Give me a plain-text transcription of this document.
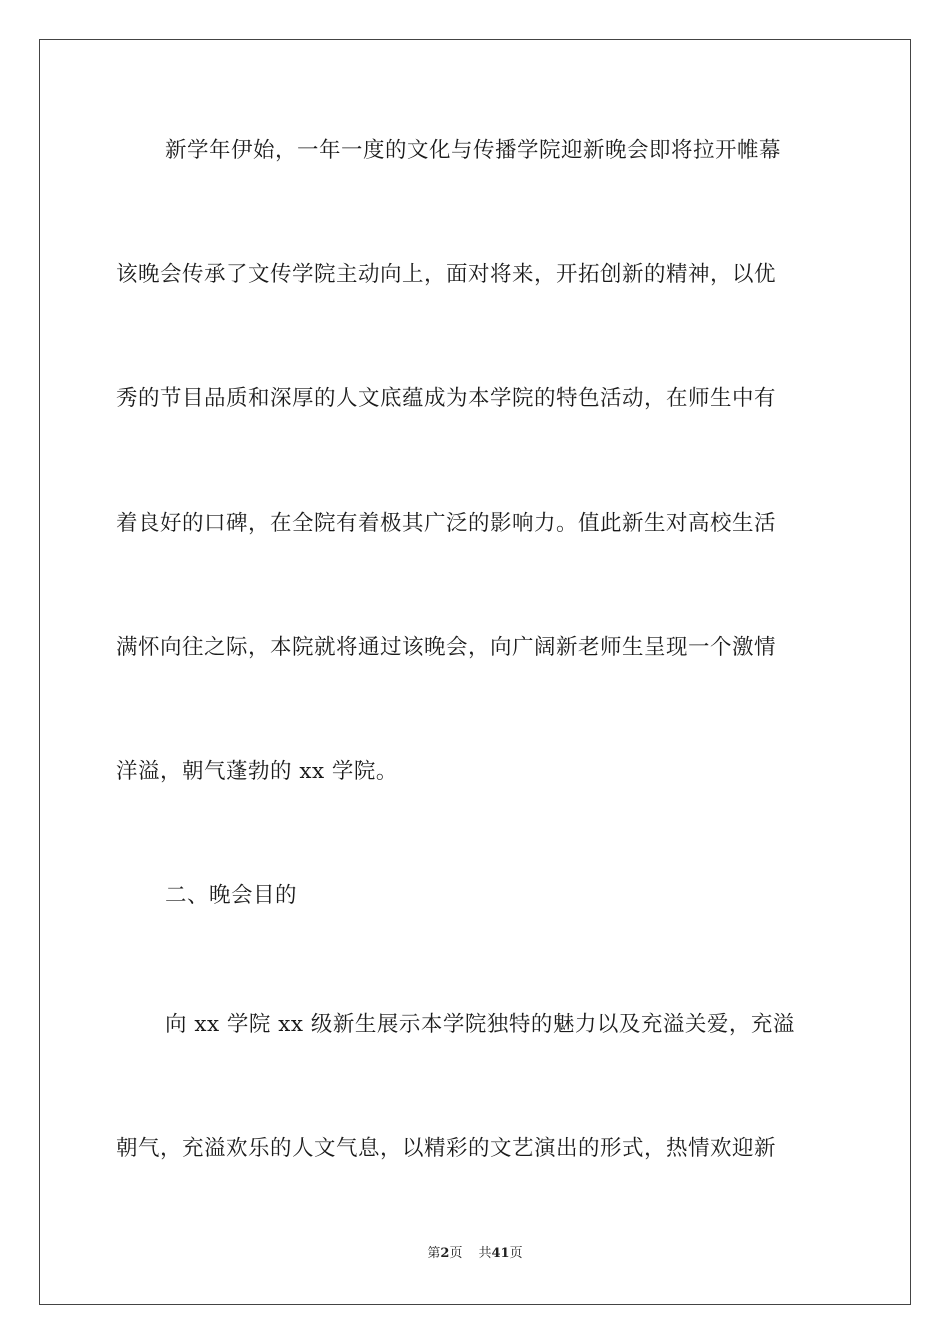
新学年伊始，一年一度的文化与传播学院迎新晚会即将拉开帷幕
该晚会传承了文传学院主动向上，面对将来，开拓创新的精神，以优
秀的节目品质和深厚的人文底蕴成为本学院的特色活动，在师生中有
着良好的口碑，在全院有着极其广泛的影响力。值此新生对高校生活
满怀向往之际，本院就将通过该晚会，向广阔新老师生呈现一个激情
洋溢，朝气蓬勃的 xx 学院。
二、晚会目的
向 xx 学院 xx 级新生展示本学院独特的魅力以及充溢关爱，充溢
朝气，充溢欢乐的人文气息，以精彩的文艺演出的形式，热情欢迎新
第2页 共41页
